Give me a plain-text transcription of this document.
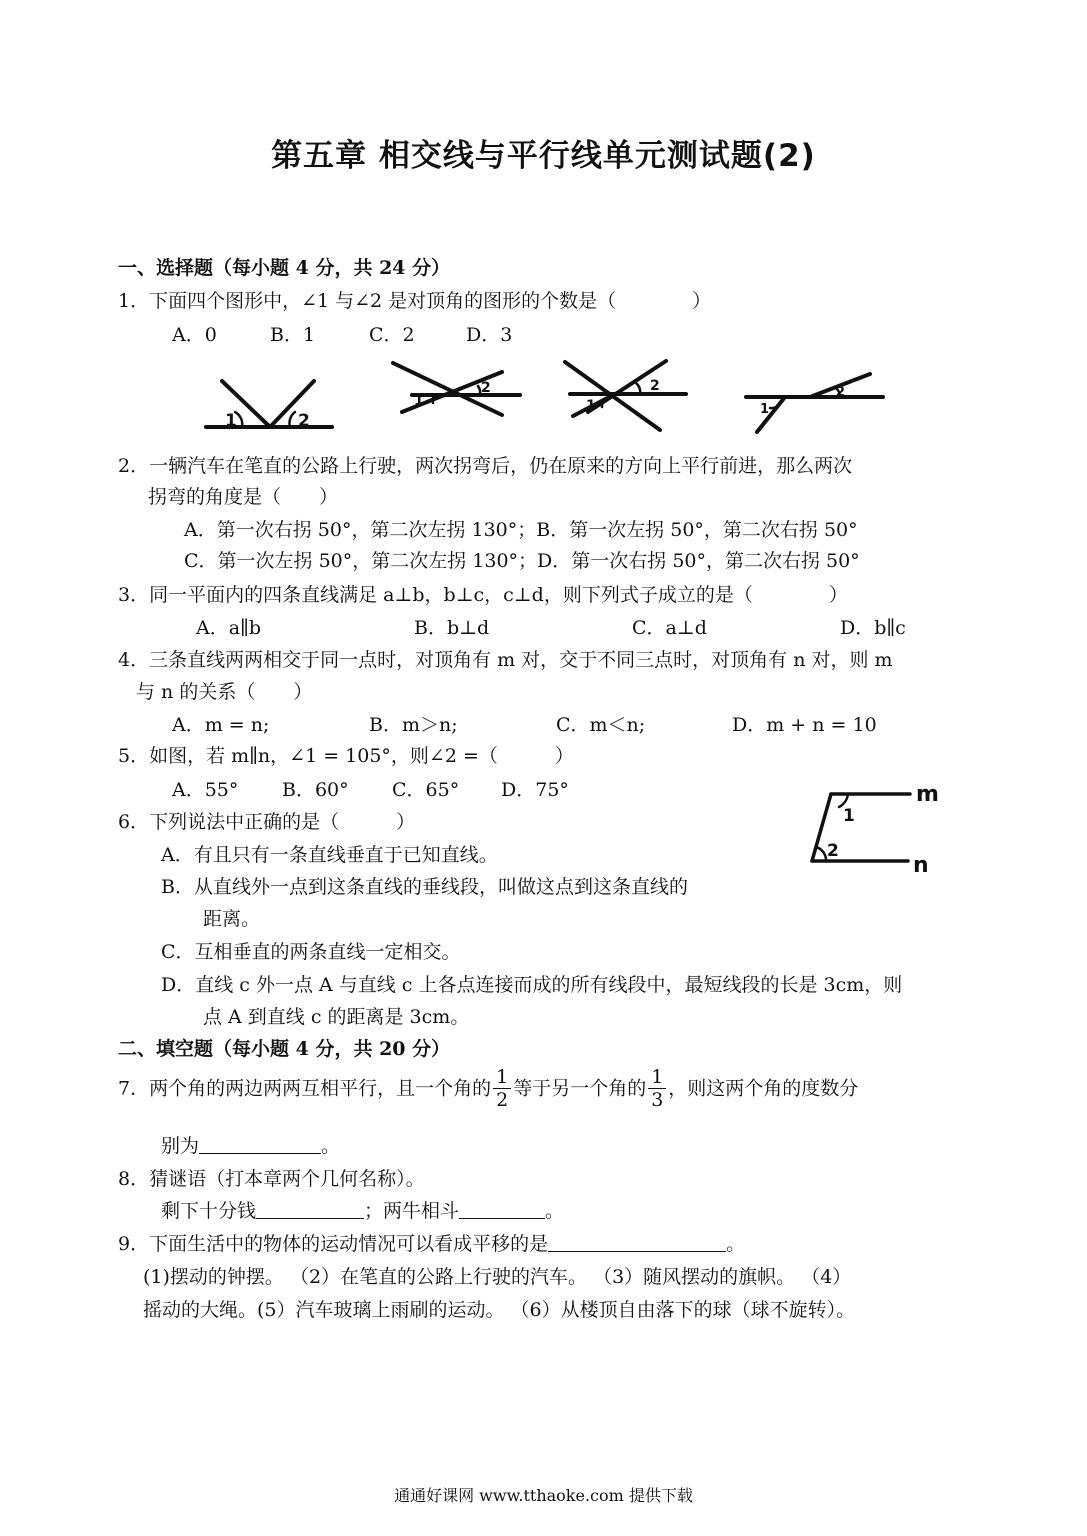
第五章 相交线与平行线单元测试题(2)
一、选择题（每小题 4 分，共 24 分）
1．下面四个图形中，∠1 与∠2 是对顶角的图形的个数是（　　　　）
A．0	B．1	C．2	D．3
1	2
1
2
1
2
1
2
2．一辆汽车在笔直的公路上行驶，两次拐弯后，仍在原来的方向上平行前进，那么两次
拐弯的角度是（　　）
A．第一次右拐 50°，第二次左拐 130°；B．第一次左拐 50°，第二次右拐 50°
C．第一次左拐 50°，第二次左拐 130°；D．第一次右拐 50°，第二次右拐 50°
3．同一平面内的四条直线满足 a⊥b，b⊥c，c⊥d，则下列式子成立的是（　　　　）
A．a∥b	B．b⊥d	C．a⊥d	D．b∥c
4．三条直线两两相交于同一点时，对顶角有 m 对，交于不同三点时，对顶角有 n 对，则 m
与 n 的关系（　　）
A．m = n;	B．m＞n;	C．m＜n;	D．m + n = 10
5．如图，若 m∥n，∠1 = 105°，则∠2 =（　　　）
A．55° B．60° C．65° D．75°	m
n
1
2
6．下列说法中正确的是（　　　）
A．有且只有一条直线垂直于已知直线。
B．从直线外一点到这条直线的垂线段，叫做这点到这条直线的
距离。
C．互相垂直的两条直线一定相交。
D．直线 c 外一点 A 与直线 c 上各点连接而成的所有线段中，最短线段的长是 3cm，则
点 A 到直线 c 的距离是 3cm。
二、填空题（每小题 4 分，共 20 分）
7．两个角的两边两两互相平行，且一个角的 $\frac{1}{2}$ 等于另一个角的 $\frac{1}{3}$ ，则这两个角的度数分
别为	。
8．猜谜语（打本章两个几何名称）。
剩下十分钱	；两牛相斗	。
9．下面生活中的物体的运动情况可以看成平移的是	。
(1)摆动的钟摆。 （2）在笔直的公路上行驶的汽车。 （3）随风摆动的旗帜。 （4）
摇动的大绳。(5）汽车玻璃上雨刷的运动。 （6）从楼顶自由落下的球（球不旋转）。
通通好课网 www.tthaoke.com 提供下载
